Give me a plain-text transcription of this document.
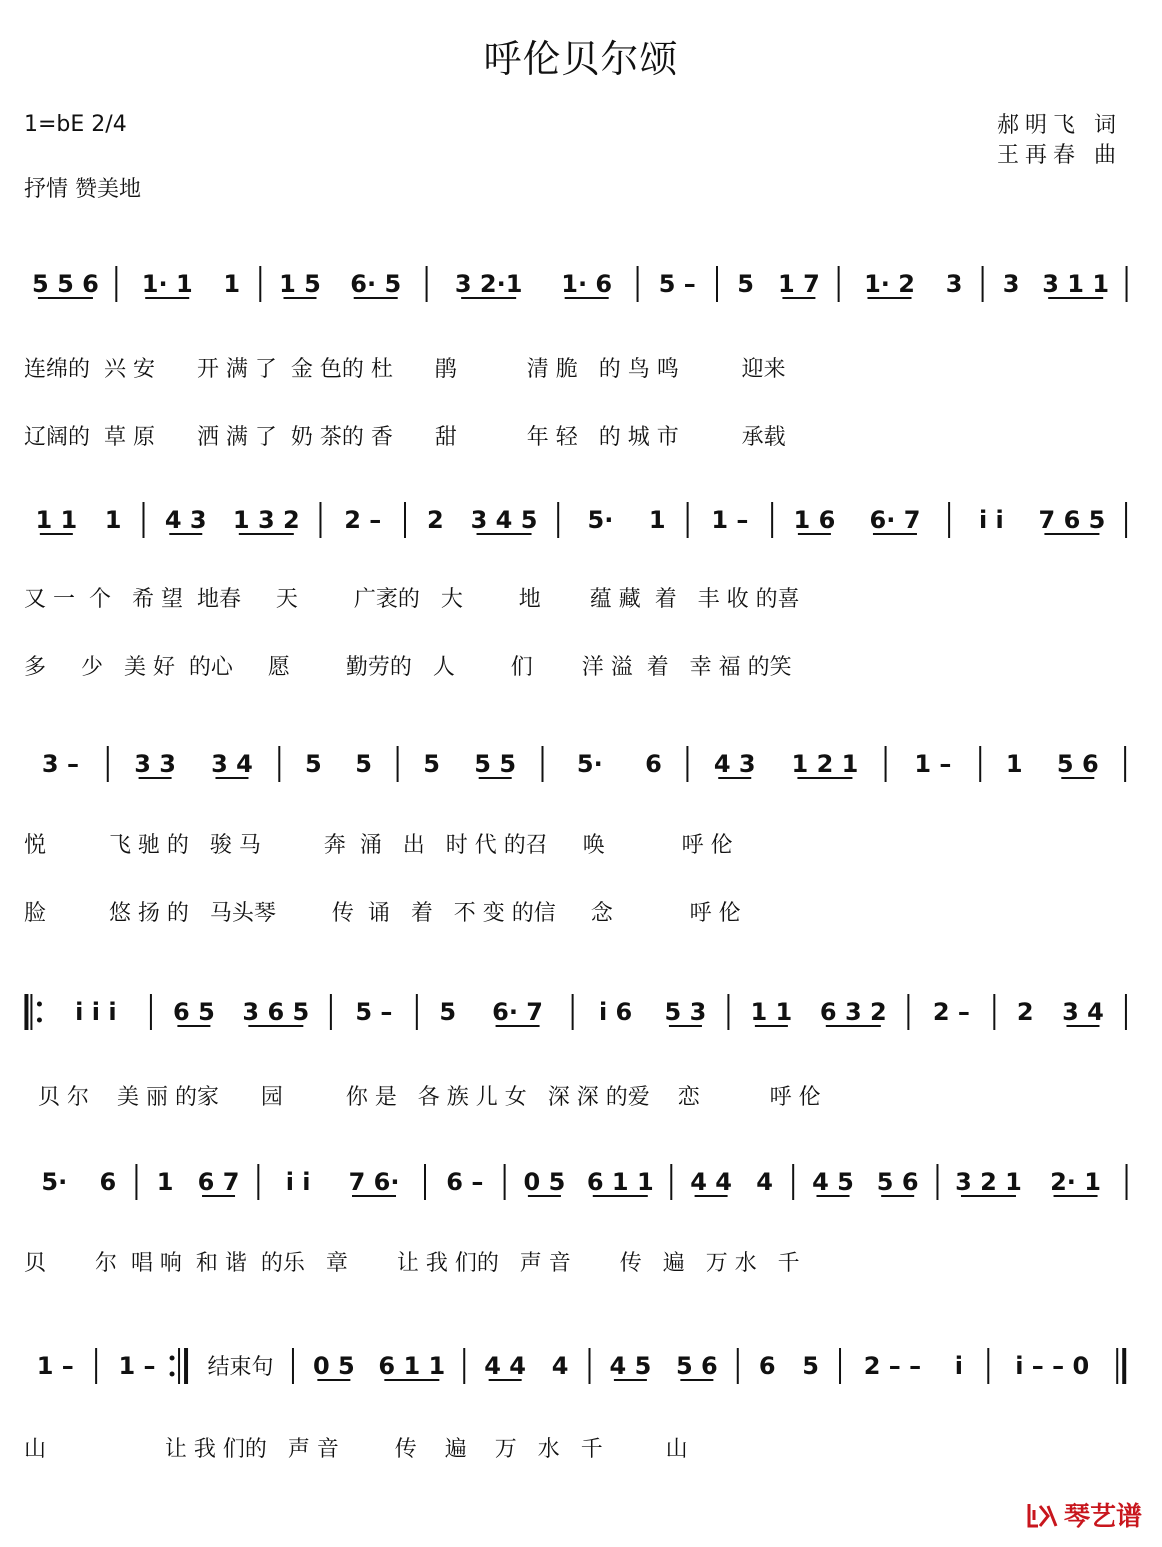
呼伦贝尔颂
1=bE 2/4
抒情 赞美地
郝明飞 词
王再春 曲
5 5 6 1· 1 1 1 5 6· 5 3 2·1 1· 6 5 – 5 1 7 1· 2 3 3 3 1 1
连绵的  兴 安      开 满 了  金 色的 杜      鹃          清 脆   的 鸟 鸣         迎来
辽阔的  草 原      洒 满 了  奶 茶的 香      甜          年 轻   的 城 市         承载
1 1 1 4 3 1 3 2 2 – 2 3 4 5 5· 1 1 – 1 6 6· 7 i i 7 6 5
又 一  个   希 望  地春     天        广袤的   大        地       蕴 藏  着   丰 收 的喜
多     少   美 好  的心     愿        勤劳的   人        们       洋 溢  着   幸 福 的笑
3 – 3 3 3 4 5 5 5 5 5	5· 6 4 3 1 2 1 1 – 1 5 6
悦         飞 驰 的   骏 马         奔  涌   出   时 代 的召     唤           呼 伦
脸         悠 扬 的   马头琴        传  诵   着   不 变 的信     念           呼 伦
i i i 6 5 3 6 5 5 – 5 6· 7 i 6 5 3 1 1 6 3 2 2 – 2 3 4
贝 尔    美 丽 的家      园         你 是   各 族 儿 女   深 深 的爱    恋          呼 伦
5· 6 1 6 7 i i 7 6· 6 – 0 5 6 1 1 4 4 4 4 5 5 6 3 2 1 2· 1
贝       尔  唱 响  和 谐  的乐   章       让 我 们的   声 音       传   遍   万 水   千
1 – 1 – 结束句 0 5 6 1 1 4 4 4 4 5 5 6 6 5 2 – – i i – – 0
山                 让 我 们的   声 音        传    遍    万   水   千         山
琴艺谱
